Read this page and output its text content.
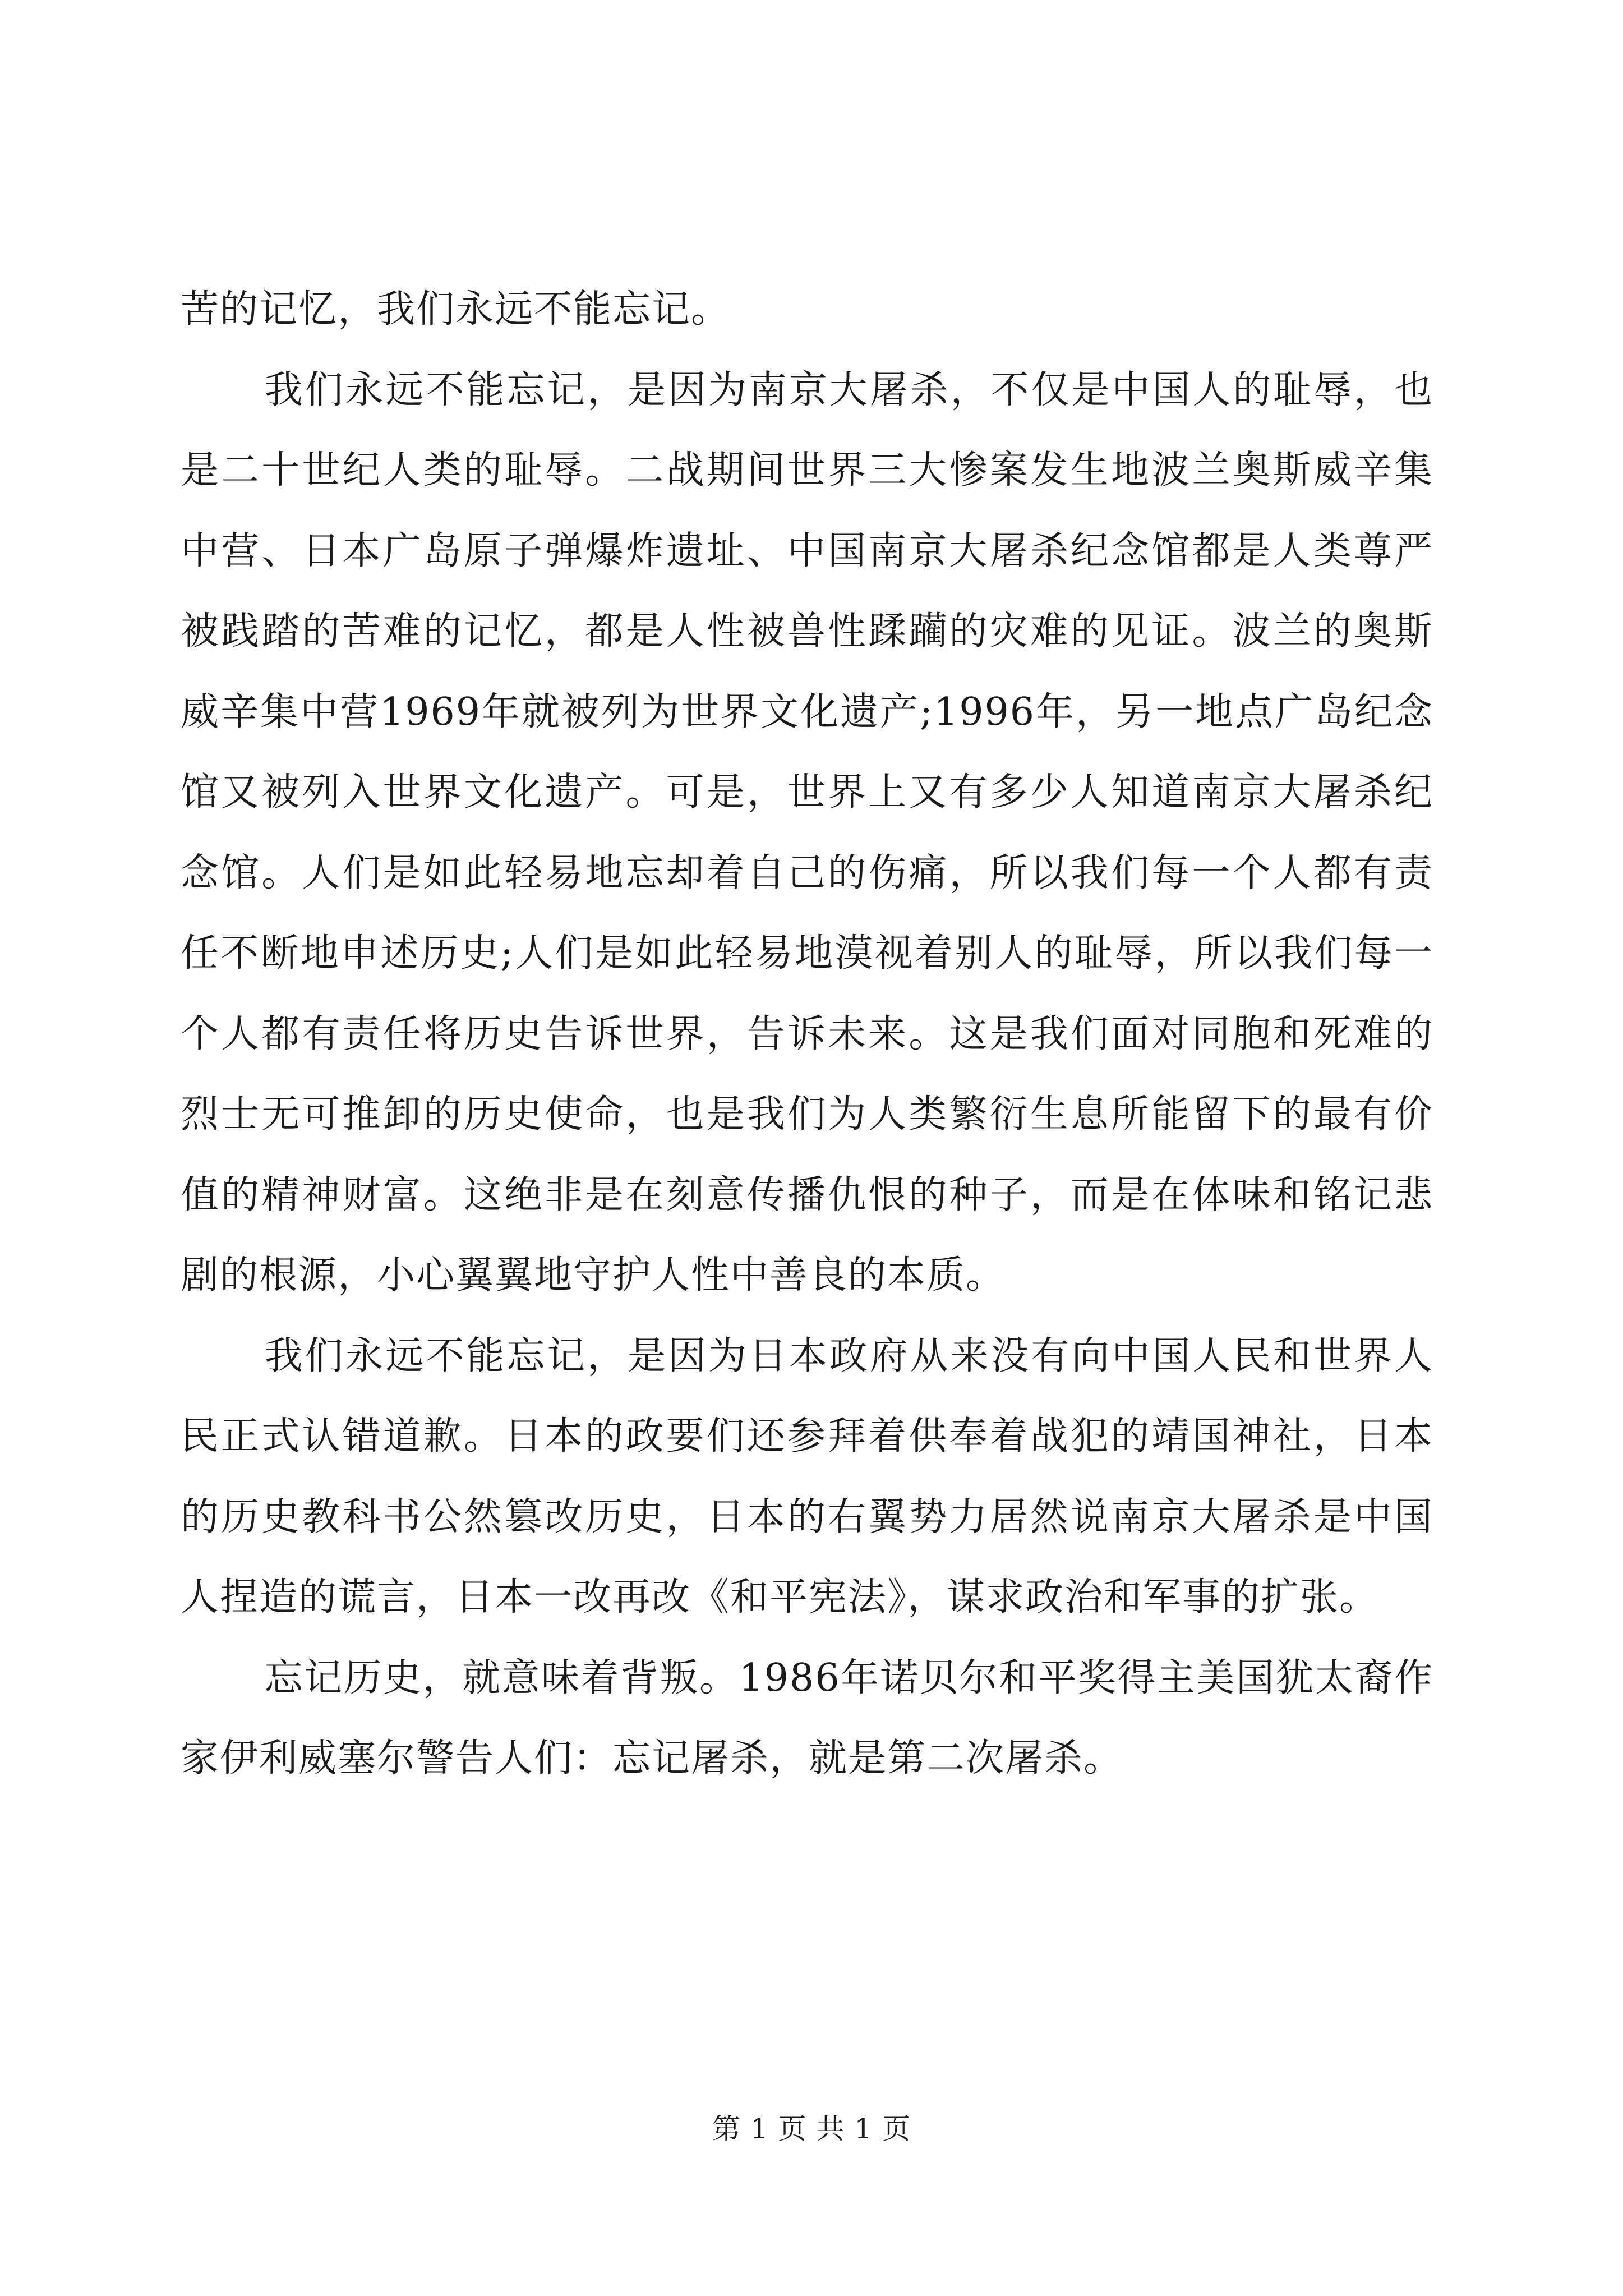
苦的记忆，我们永远不能忘记。

我们永远不能忘记，是因为南京大屠杀，不仅是中国人的耻辱，也是二十世纪人类的耻辱。二战期间世界三大惨案发生地波兰奥斯威辛集中营、日本广岛原子弹爆炸遗址、中国南京大屠杀纪念馆都是人类尊严被践踏的苦难的记忆，都是人性被兽性蹂躏的灾难的见证。波兰的奥斯威辛集中营1969年就被列为世界文化遗产;1996年，另一地点广岛纪念馆又被列入世界文化遗产。可是，世界上又有多少人知道南京大屠杀纪念馆。人们是如此轻易地忘却着自己的伤痛，所以我们每一个人都有责任不断地申述历史;人们是如此轻易地漠视着别人的耻辱，所以我们每一个人都有责任将历史告诉世界，告诉未来。这是我们面对同胞和死难的烈士无可推卸的历史使命，也是我们为人类繁衍生息所能留下的最有价值的精神财富。这绝非是在刻意传播仇恨的种子，而是在体味和铭记悲剧的根源，小心翼翼地守护人性中善良的本质。

我们永远不能忘记，是因为日本政府从来没有向中国人民和世界人民正式认错道歉。日本的政要们还参拜着供奉着战犯的靖国神社，日本的历史教科书公然篡改历史，日本的右翼势力居然说南京大屠杀是中国人捏造的谎言，日本一改再改《和平宪法》，谋求政治和军事的扩张。

忘记历史，就意味着背叛。1986年诺贝尔和平奖得主美国犹太裔作家伊利威塞尔警告人们：忘记屠杀，就是第二次屠杀。

第 1 页 共 1 页
